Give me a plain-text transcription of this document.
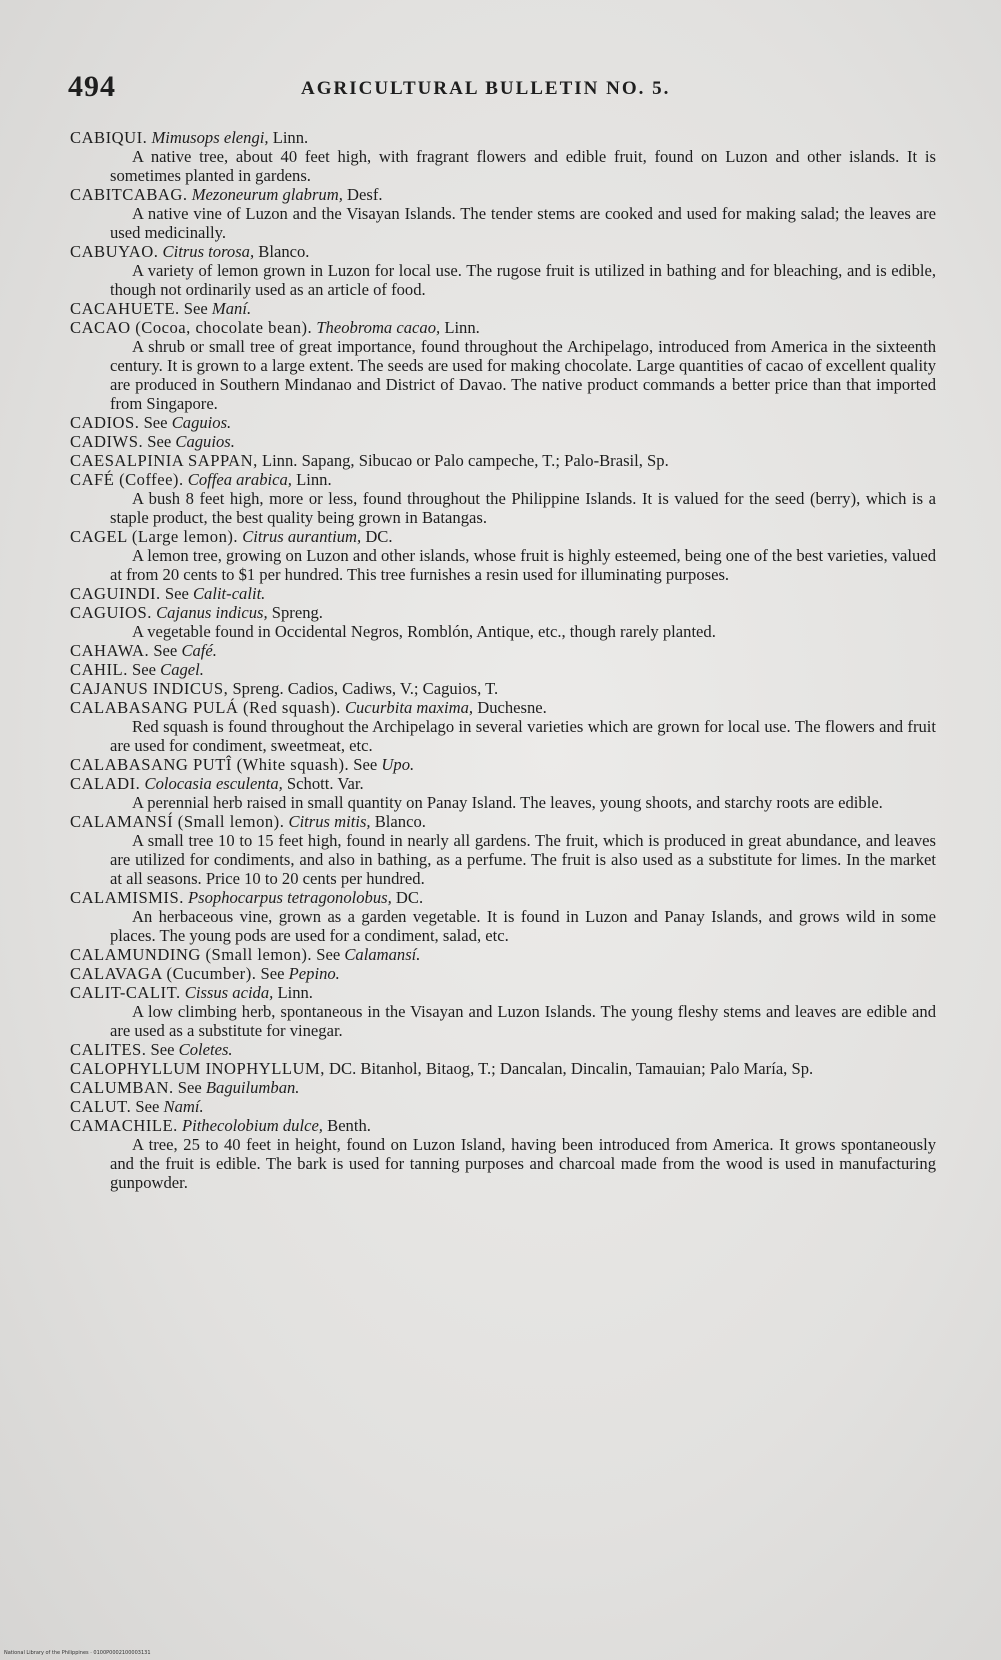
494	AGRICULTURAL BULLETIN NO. 5.
CABIQUI. Mimusops elengi, Linn.

A native tree, about 40 feet high, with fragrant flowers and edible fruit, found on Luzon and other islands. It is sometimes planted in gardens.

CABITCABAG. Mezoneurum glabrum, Desf.

A native vine of Luzon and the Visayan Islands. The tender stems are cooked and used for making salad; the leaves are used medicinally.

CABUYAO. Citrus torosa, Blanco.

A variety of lemon grown in Luzon for local use. The rugose fruit is utilized in bathing and for bleaching, and is edible, though not ordinarily used as an article of food.

CACAHUETE. See Maní.
CACAO (Cocoa, chocolate bean). Theobroma cacao, Linn.

A shrub or small tree of great importance, found throughout the Archipelago, introduced from America in the sixteenth century. It is grown to a large extent. The seeds are used for making chocolate. Large quantities of cacao of excellent quality are produced in Southern Mindanao and District of Davao. The native product commands a better price than that imported from Singapore.

CADIOS. See Caguios.
CADIWS. See Caguios.
CAESALPINIA SAPPAN, Linn. Sapang, Sibucao or Palo campeche, T.; Palo-Brasil, Sp.
CAFÉ (Coffee). Coffea arabica, Linn.

A bush 8 feet high, more or less, found throughout the Philippine Islands. It is valued for the seed (berry), which is a staple product, the best quality being grown in Batangas.

CAGEL (Large lemon). Citrus aurantium, DC.

A lemon tree, growing on Luzon and other islands, whose fruit is highly esteemed, being one of the best varieties, valued at from 20 cents to $1 per hundred. This tree furnishes a resin used for illuminating purposes.

CAGUINDI. See Calit-calit.
CAGUIOS. Cajanus indicus, Spreng.

A vegetable found in Occidental Negros, Romblón, Antique, etc., though rarely planted.

CAHAWA. See Café.
CAHIL. See Cagel.
CAJANUS INDICUS, Spreng. Cadios, Cadiws, V.; Caguios, T.
CALABASANG PULÁ (Red squash). Cucurbita maxima, Duchesne.

Red squash is found throughout the Archipelago in several varieties which are grown for local use. The flowers and fruit are used for condiment, sweetmeat, etc.

CALABASANG PUTÎ (White squash). See Upo.
CALADI. Colocasia esculenta, Schott. Var.

A perennial herb raised in small quantity on Panay Island. The leaves, young shoots, and starchy roots are edible.

CALAMANSÍ (Small lemon). Citrus mitis, Blanco.

A small tree 10 to 15 feet high, found in nearly all gardens. The fruit, which is produced in great abundance, and leaves are utilized for condiments, and also in bathing, as a perfume. The fruit is also used as a substitute for limes. In the market at all seasons. Price 10 to 20 cents per hundred.

CALAMISMIS. Psophocarpus tetragonolobus, DC.

An herbaceous vine, grown as a garden vegetable. It is found in Luzon and Panay Islands, and grows wild in some places. The young pods are used for a condiment, salad, etc.

CALAMUNDING (Small lemon). See Calamansí.
CALAVAGA (Cucumber). See Pepino.
CALIT-CALIT. Cissus acida, Linn.

A low climbing herb, spontaneous in the Visayan and Luzon Islands. The young fleshy stems and leaves are edible and are used as a substitute for vinegar.

CALITES. See Coletes.
CALOPHYLLUM INOPHYLLUM, DC. Bitanhol, Bitaog, T.; Dancalan, Dincalin, Tamauian; Palo María, Sp.
CALUMBAN. See Baguilumban.
CALUT. See Namí.
CAMACHILE. Pithecolobium dulce, Benth.

A tree, 25 to 40 feet in height, found on Luzon Island, having been introduced from America. It grows spontaneously and the fruit is edible. The bark is used for tanning purposes and charcoal made from the wood is used in manufacturing gunpowder.

National Library of the Philippines · 0100P0002100003131
